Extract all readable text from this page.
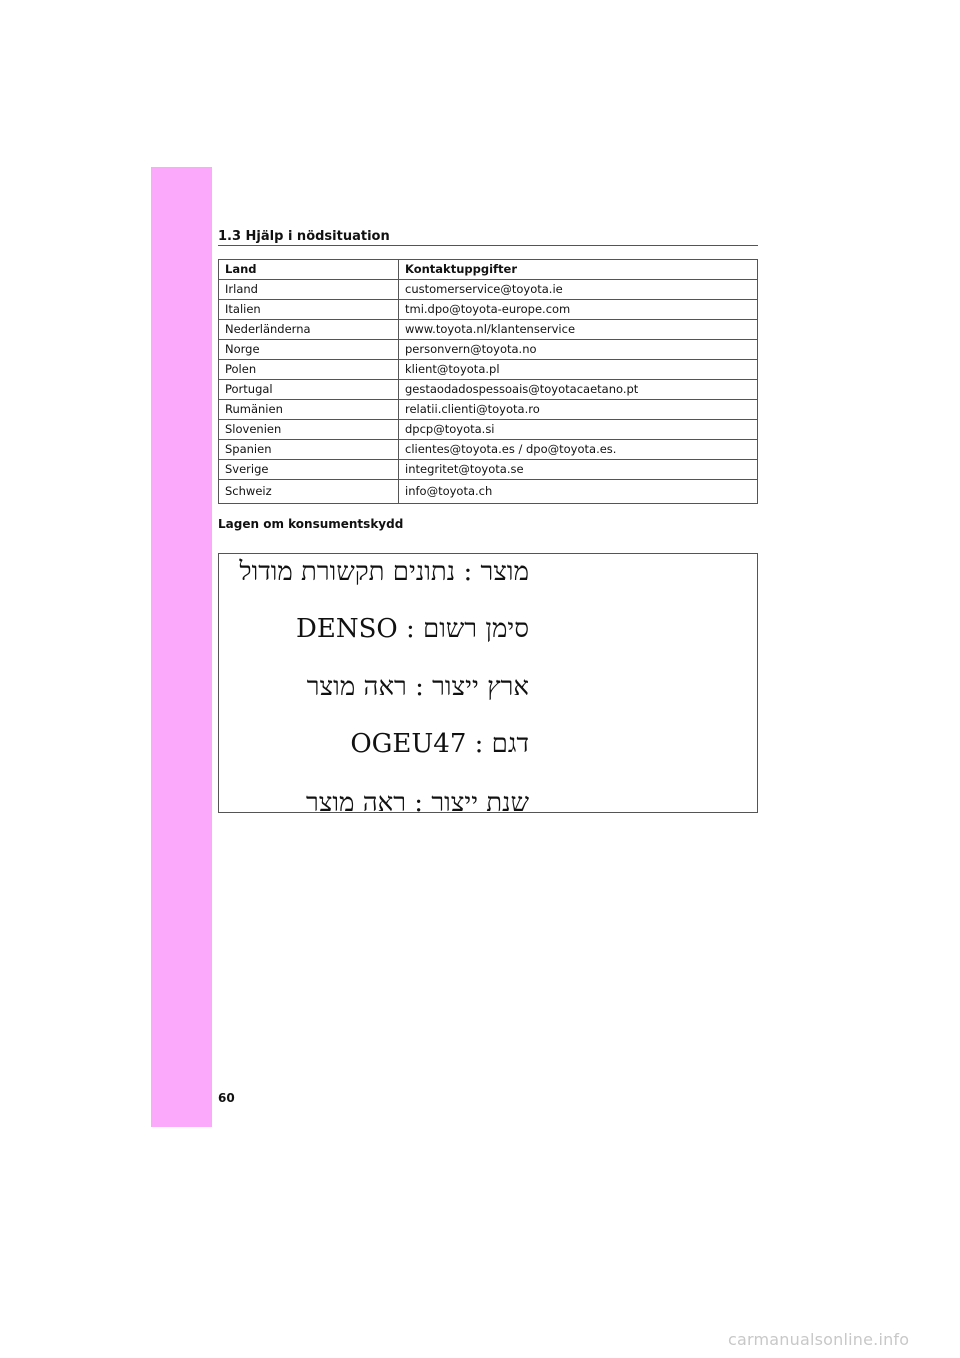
1.3 Hjälp i nödsituation
Land	Kontaktuppgifter
Irland	customerservice@toyota.ie
Italien	tmi.dpo@toyota-europe.com
Nederländerna	www.toyota.nl/klantenservice
Norge	personvern@toyota.no
Polen	klient@toyota.pl
Portugal	gestaodadospessoais@toyotacaetano.pt
Rumänien	relatii.clienti@toyota.ro
Slovenien	dpcp@toyota.si
Spanien	clientes@toyota.es / dpo@toyota.es.
Sverige	integritet@toyota.se
Schweiz	info@toyota.ch
Lagen om konsumentskydd
מוצר : נתונים תקשורת מודול
סימן רשום : DENSO
ארץ ייצור : ראה מוצר
דגם : OGEU47
שנת ייצור : ראה מוצר
60
carmanualsonline.info
